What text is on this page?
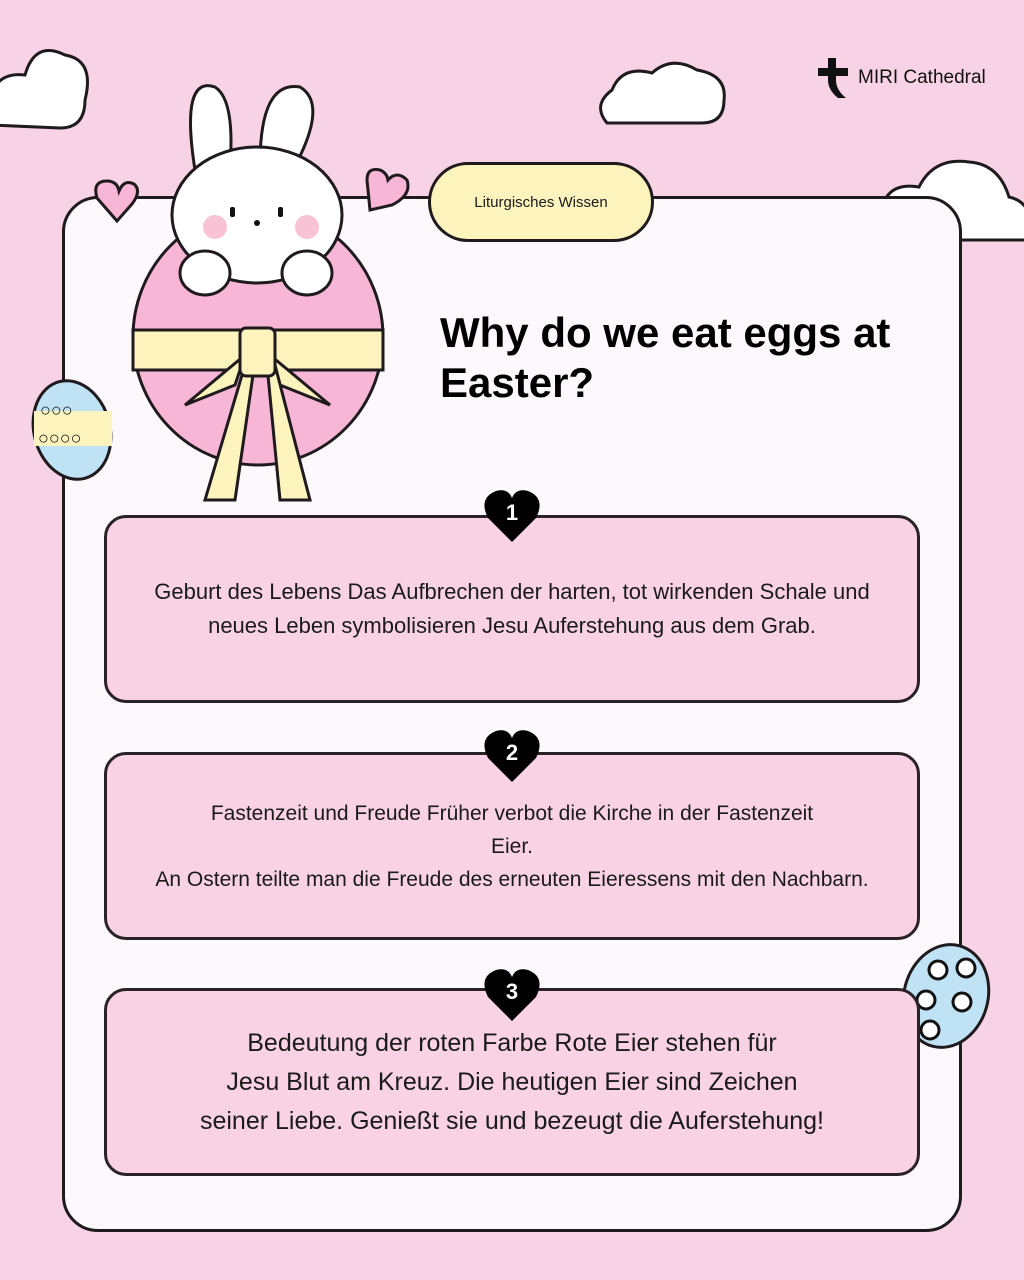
MIRI Cathedral
Liturgisches Wissen
○○○
○○○○
Why do we eat eggs at Easter?
Geburt des Lebens Das Aufbrechen der harten, tot wirkenden Schale und
neues Leben symbolisieren Jesu Auferstehung aus dem Grab.
Fastenzeit und Freude Früher verbot die Kirche in der Fastenzeit
Eier.
An Ostern teilte man die Freude des erneuten Eieressens mit den Nachbarn.
Bedeutung der roten Farbe Rote Eier stehen für
Jesu Blut am Kreuz. Die heutigen Eier sind Zeichen
seiner Liebe. Genießt sie und bezeugt die Auferstehung!
1
2
3
